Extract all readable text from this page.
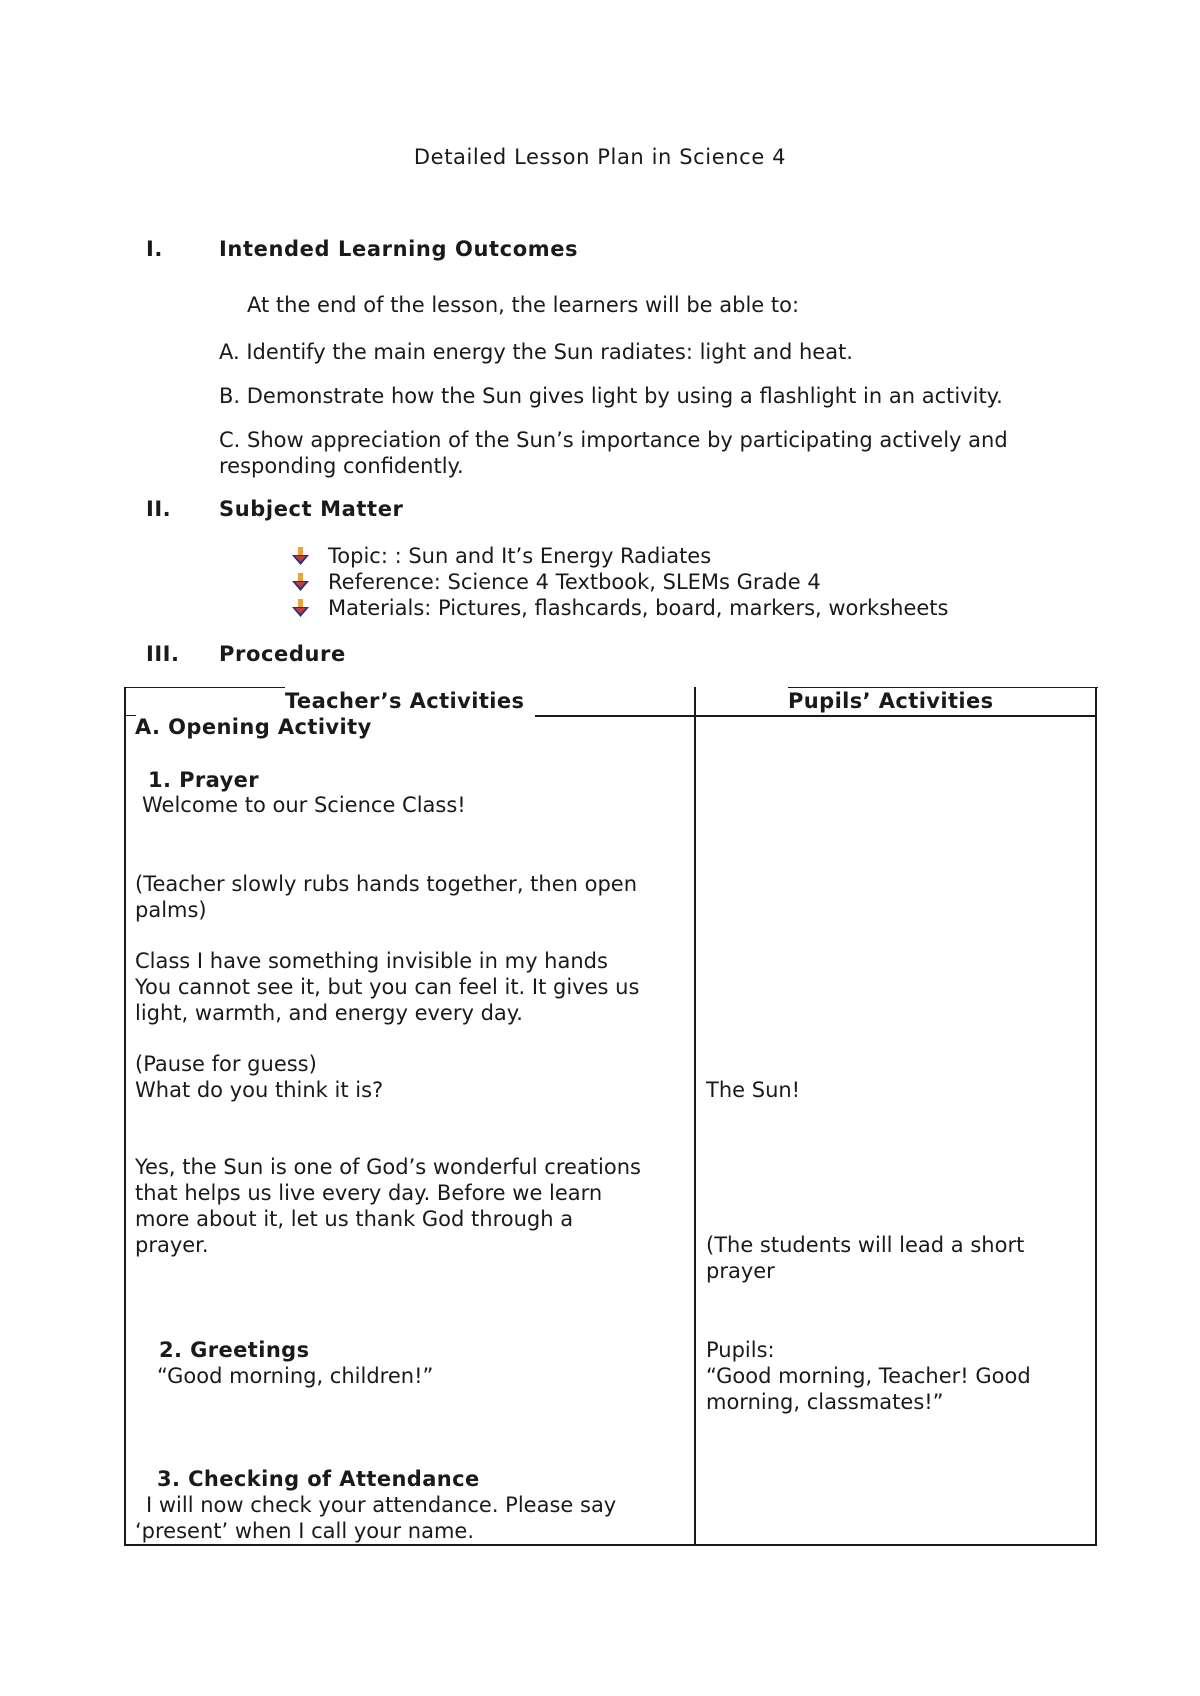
Detailed Lesson Plan in Science 4
I.	Intended Learning Outcomes
At the end of the lesson, the learners will be able to:
A. Identify the main energy the Sun radiates: light and heat.
B. Demonstrate how the Sun gives light by using a flashlight in an activity.
C. Show appreciation of the Sun’s importance by participating actively and
responding confidently.
II. Subject Matter
Topic: : Sun and It’s Energy Radiates
Reference: Science 4 Textbook, SLEMs Grade 4
Materials: Pictures, flashcards, board, markers, worksheets
III. Procedure
Teacher’s Activities	Pupils’ Activities
A. Opening Activity
1. Prayer
Welcome to our Science Class!
(Teacher slowly rubs hands together, then open
palms)
Class I have something invisible in my hands
You cannot see it, but you can feel it. It gives us
light, warmth, and energy every day.
(Pause for guess)
What do you think it is?
Yes, the Sun is one of God’s wonderful creations
that helps us live every day. Before we learn
more about it, let us thank God through a
prayer.
2. Greetings
“Good morning, children!”
3. Checking of Attendance
I will now check your attendance. Please say
‘present’ when I call your name.
The Sun!
(The students will lead a short
prayer
Pupils:
“Good morning, Teacher! Good
morning, classmates!”
